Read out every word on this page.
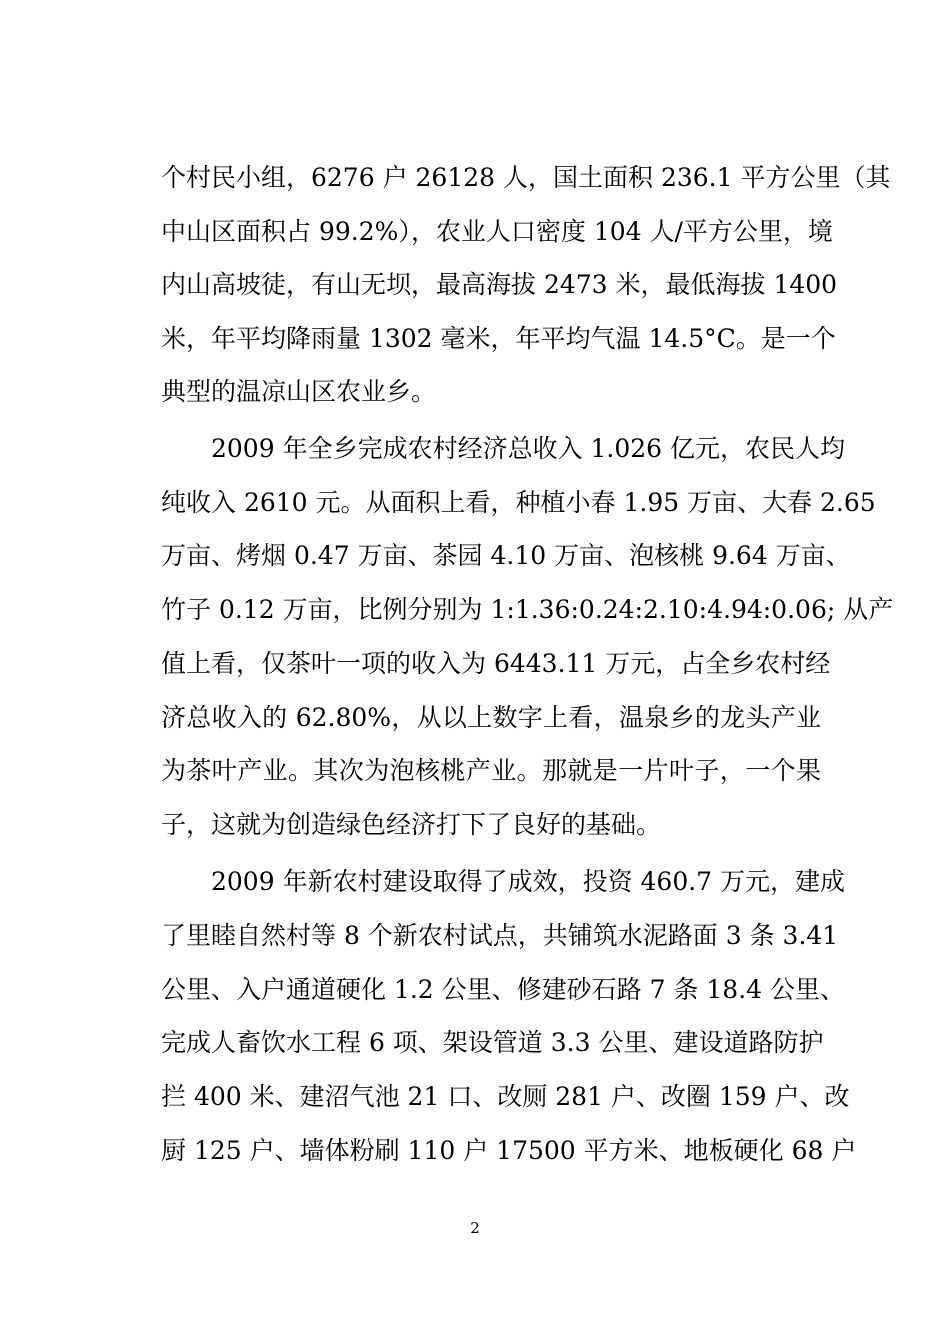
个村民小组，6276 户 26128 人，国土面积 236.1 平方公里（其
中山区面积占 99.2%），农业人口密度 104 人/平方公里，境
内山高坡徒，有山无坝，最高海拔 2473 米，最低海拔 1400
米，年平均降雨量 1302 毫米，年平均气温 14.5°C。是一个
典型的温凉山区农业乡。
2009 年全乡完成农村经济总收入 1.026 亿元，农民人均
纯收入 2610 元。从面积上看，种植小春 1.95 万亩、大春 2.65
万亩、烤烟 0.47 万亩、茶园 4.10 万亩、泡核桃 9.64 万亩、
竹子 0.12 万亩，比例分别为 1:1.36:0.24:2.10:4.94:0.06; 从产
值上看，仅茶叶一项的收入为 6443.11 万元，占全乡农村经
济总收入的 62.80%，从以上数字上看，温泉乡的龙头产业
为茶叶产业。其次为泡核桃产业。那就是一片叶子，一个果
子，这就为创造绿色经济打下了良好的基础。
2009 年新农村建设取得了成效，投资 460.7 万元，建成
了里睦自然村等 8 个新农村试点，共铺筑水泥路面 3 条 3.41
公里、入户通道硬化 1.2 公里、修建砂石路 7 条 18.4 公里、
完成人畜饮水工程 6 项、架设管道 3.3 公里、建设道路防护
拦 400 米、建沼气池 21 口、改厕 281 户、改圈 159 户、改
厨 125 户、墙体粉刷 110 户 17500 平方米、地板硬化 68 户
2
